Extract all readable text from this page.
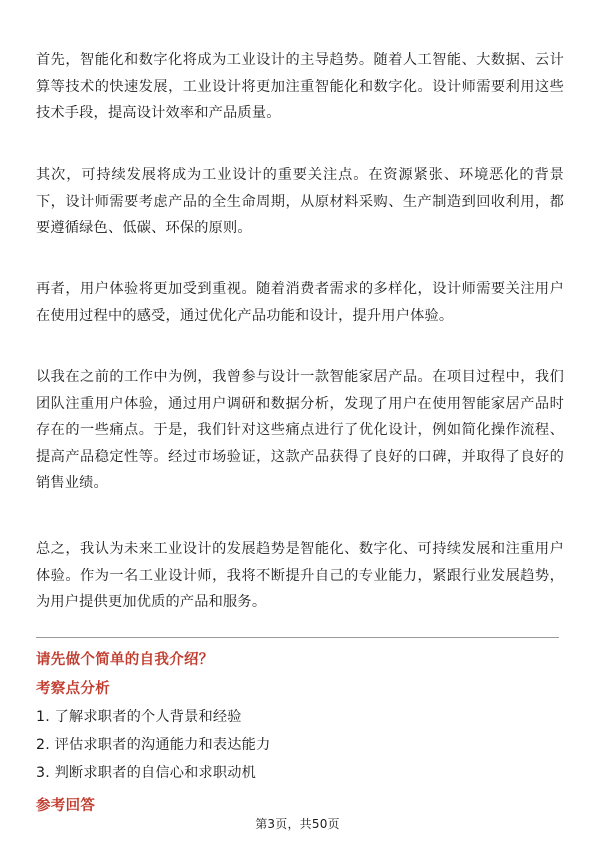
首先，智能化和数字化将成为工业设计的主导趋势。随着人工智能、大数据、云计算等技术的快速发展，工业设计将更加注重智能化和数字化。设计师需要利用这些技术手段，提高设计效率和产品质量。

其次，可持续发展将成为工业设计的重要关注点。在资源紧张、环境恶化的背景下，设计师需要考虑产品的全生命周期，从原材料采购、生产制造到回收利用，都要遵循绿色、低碳、环保的原则。

再者，用户体验将更加受到重视。随着消费者需求的多样化，设计师需要关注用户在使用过程中的感受，通过优化产品功能和设计，提升用户体验。

以我在之前的工作中为例，我曾参与设计一款智能家居产品。在项目过程中，我们团队注重用户体验，通过用户调研和数据分析，发现了用户在使用智能家居产品时存在的一些痛点。于是，我们针对这些痛点进行了优化设计，例如简化操作流程、提高产品稳定性等。经过市场验证，这款产品获得了良好的口碑，并取得了良好的销售业绩。

总之，我认为未来工业设计的发展趋势是智能化、数字化、可持续发展和注重用户体验。作为一名工业设计师，我将不断提升自己的专业能力，紧跟行业发展趋势，为用户提供更加优质的产品和服务。

请先做个简单的自我介绍？

考察点分析

1. 了解求职者的个人背景和经验

2. 评估求职者的沟通能力和表达能力

3. 判断求职者的自信心和求职动机

参考回答

第3页，共50页
